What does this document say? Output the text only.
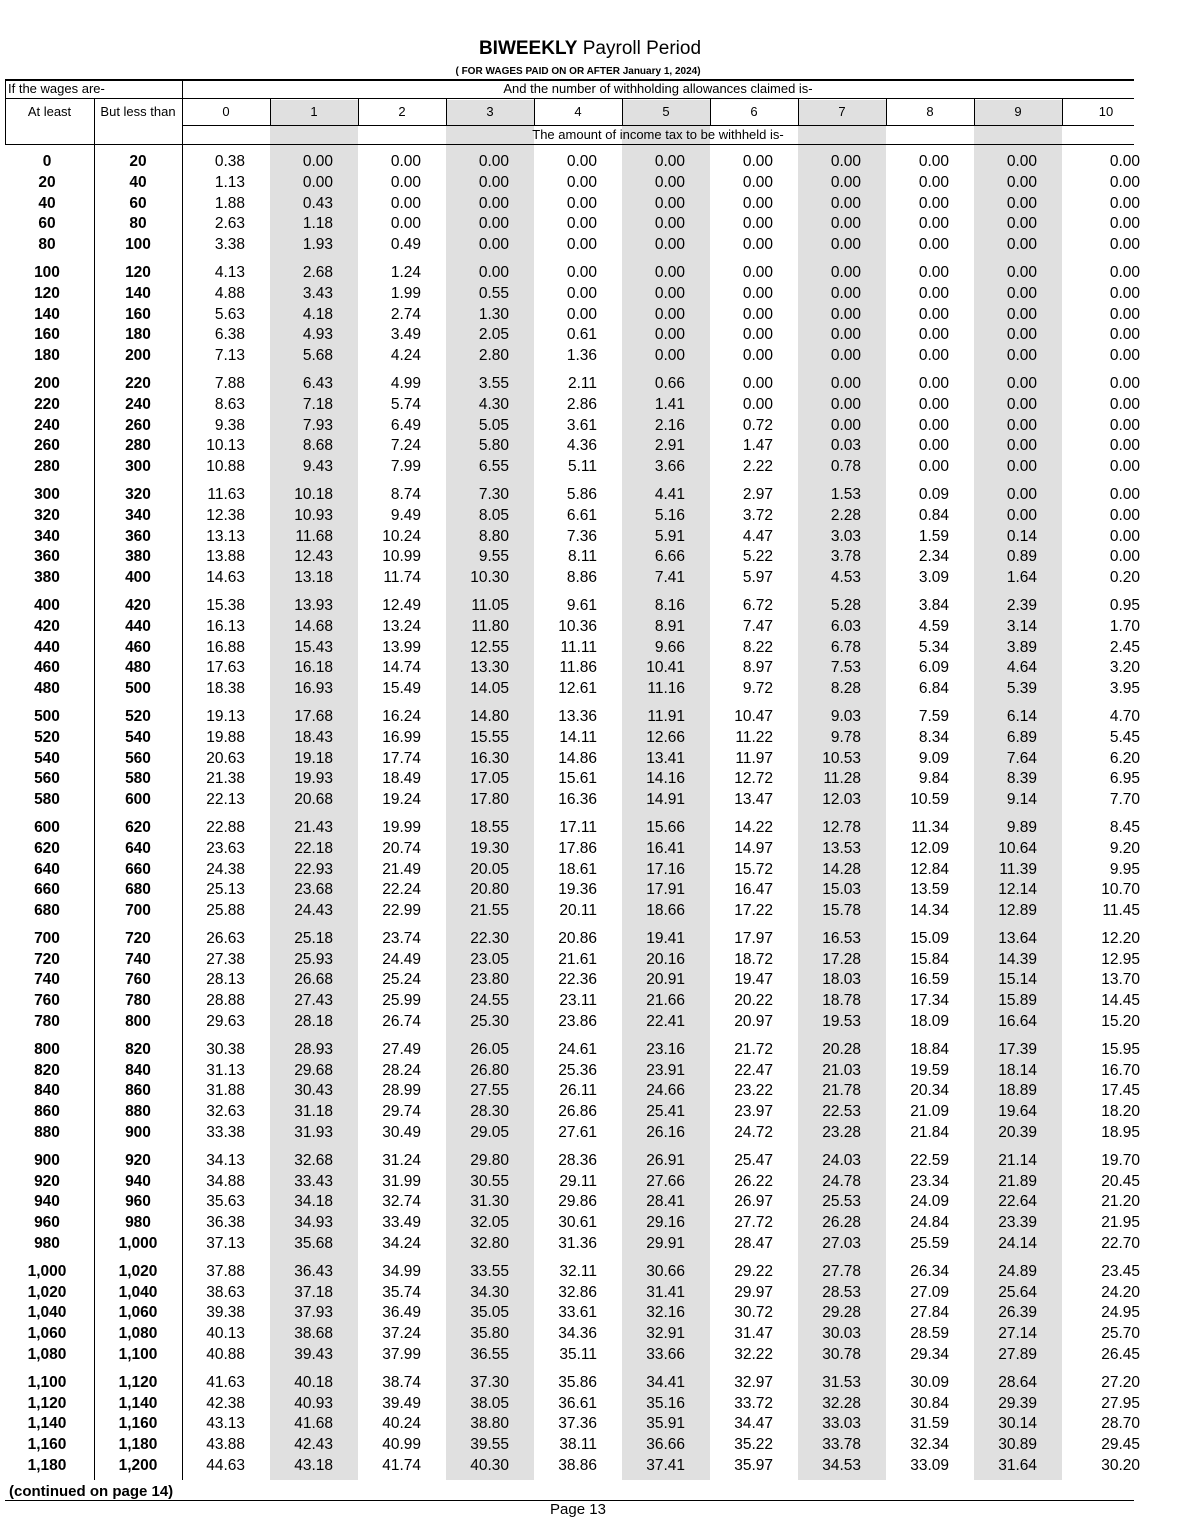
BIWEEKLY Payroll Period
( FOR WAGES PAID ON OR AFTER January 1, 2024)
If the wages are-	And the number of withholding allowances claimed is-
At least	But less than
The amount of income tax to be withheld is-
0	1	2	3	4	5	6	7	8	9	10
0	20	0.38	0.00	0.00	0.00	0.00	0.00	0.00	0.00	0.00	0.00	0.00
20	40	1.13	0.00	0.00	0.00	0.00	0.00	0.00	0.00	0.00	0.00	0.00
40	60	1.88	0.43	0.00	0.00	0.00	0.00	0.00	0.00	0.00	0.00	0.00
60	80	2.63	1.18	0.00	0.00	0.00	0.00	0.00	0.00	0.00	0.00	0.00
80	100	3.38	1.93	0.49	0.00	0.00	0.00	0.00	0.00	0.00	0.00	0.00
100	120	4.13	2.68	1.24	0.00	0.00	0.00	0.00	0.00	0.00	0.00	0.00
120	140	4.88	3.43	1.99	0.55	0.00	0.00	0.00	0.00	0.00	0.00	0.00
140	160	5.63	4.18	2.74	1.30	0.00	0.00	0.00	0.00	0.00	0.00	0.00
160	180	6.38	4.93	3.49	2.05	0.61	0.00	0.00	0.00	0.00	0.00	0.00
180	200	7.13	5.68	4.24	2.80	1.36	0.00	0.00	0.00	0.00	0.00	0.00
200	220	7.88	6.43	4.99	3.55	2.11	0.66	0.00	0.00	0.00	0.00	0.00
220	240	8.63	7.18	5.74	4.30	2.86	1.41	0.00	0.00	0.00	0.00	0.00
240	260	9.38	7.93	6.49	5.05	3.61	2.16	0.72	0.00	0.00	0.00	0.00
260	280	10.13	8.68	7.24	5.80	4.36	2.91	1.47	0.03	0.00	0.00	0.00
280	300	10.88	9.43	7.99	6.55	5.11	3.66	2.22	0.78	0.00	0.00	0.00
300	320	11.63	10.18	8.74	7.30	5.86	4.41	2.97	1.53	0.09	0.00	0.00
320	340	12.38	10.93	9.49	8.05	6.61	5.16	3.72	2.28	0.84	0.00	0.00
340	360	13.13	11.68	10.24	8.80	7.36	5.91	4.47	3.03	1.59	0.14	0.00
360	380	13.88	12.43	10.99	9.55	8.11	6.66	5.22	3.78	2.34	0.89	0.00
380	400	14.63	13.18	11.74	10.30	8.86	7.41	5.97	4.53	3.09	1.64	0.20
400	420	15.38	13.93	12.49	11.05	9.61	8.16	6.72	5.28	3.84	2.39	0.95
420	440	16.13	14.68	13.24	11.80	10.36	8.91	7.47	6.03	4.59	3.14	1.70
440	460	16.88	15.43	13.99	12.55	11.11	9.66	8.22	6.78	5.34	3.89	2.45
460	480	17.63	16.18	14.74	13.30	11.86	10.41	8.97	7.53	6.09	4.64	3.20
480	500	18.38	16.93	15.49	14.05	12.61	11.16	9.72	8.28	6.84	5.39	3.95
500	520	19.13	17.68	16.24	14.80	13.36	11.91	10.47	9.03	7.59	6.14	4.70
520	540	19.88	18.43	16.99	15.55	14.11	12.66	11.22	9.78	8.34	6.89	5.45
540	560	20.63	19.18	17.74	16.30	14.86	13.41	11.97	10.53	9.09	7.64	6.20
560	580	21.38	19.93	18.49	17.05	15.61	14.16	12.72	11.28	9.84	8.39	6.95
580	600	22.13	20.68	19.24	17.80	16.36	14.91	13.47	12.03	10.59	9.14	7.70
600	620	22.88	21.43	19.99	18.55	17.11	15.66	14.22	12.78	11.34	9.89	8.45
620	640	23.63	22.18	20.74	19.30	17.86	16.41	14.97	13.53	12.09	10.64	9.20
640	660	24.38	22.93	21.49	20.05	18.61	17.16	15.72	14.28	12.84	11.39	9.95
660	680	25.13	23.68	22.24	20.80	19.36	17.91	16.47	15.03	13.59	12.14	10.70
680	700	25.88	24.43	22.99	21.55	20.11	18.66	17.22	15.78	14.34	12.89	11.45
700	720	26.63	25.18	23.74	22.30	20.86	19.41	17.97	16.53	15.09	13.64	12.20
720	740	27.38	25.93	24.49	23.05	21.61	20.16	18.72	17.28	15.84	14.39	12.95
740	760	28.13	26.68	25.24	23.80	22.36	20.91	19.47	18.03	16.59	15.14	13.70
760	780	28.88	27.43	25.99	24.55	23.11	21.66	20.22	18.78	17.34	15.89	14.45
780	800	29.63	28.18	26.74	25.30	23.86	22.41	20.97	19.53	18.09	16.64	15.20
800	820	30.38	28.93	27.49	26.05	24.61	23.16	21.72	20.28	18.84	17.39	15.95
820	840	31.13	29.68	28.24	26.80	25.36	23.91	22.47	21.03	19.59	18.14	16.70
840	860	31.88	30.43	28.99	27.55	26.11	24.66	23.22	21.78	20.34	18.89	17.45
860	880	32.63	31.18	29.74	28.30	26.86	25.41	23.97	22.53	21.09	19.64	18.20
880	900	33.38	31.93	30.49	29.05	27.61	26.16	24.72	23.28	21.84	20.39	18.95
900	920	34.13	32.68	31.24	29.80	28.36	26.91	25.47	24.03	22.59	21.14	19.70
920	940	34.88	33.43	31.99	30.55	29.11	27.66	26.22	24.78	23.34	21.89	20.45
940	960	35.63	34.18	32.74	31.30	29.86	28.41	26.97	25.53	24.09	22.64	21.20
960	980	36.38	34.93	33.49	32.05	30.61	29.16	27.72	26.28	24.84	23.39	21.95
980	1,000	37.13	35.68	34.24	32.80	31.36	29.91	28.47	27.03	25.59	24.14	22.70
1,000	1,020	37.88	36.43	34.99	33.55	32.11	30.66	29.22	27.78	26.34	24.89	23.45
1,020	1,040	38.63	37.18	35.74	34.30	32.86	31.41	29.97	28.53	27.09	25.64	24.20
1,040	1,060	39.38	37.93	36.49	35.05	33.61	32.16	30.72	29.28	27.84	26.39	24.95
1,060	1,080	40.13	38.68	37.24	35.80	34.36	32.91	31.47	30.03	28.59	27.14	25.70
1,080	1,100	40.88	39.43	37.99	36.55	35.11	33.66	32.22	30.78	29.34	27.89	26.45
1,100	1,120	41.63	40.18	38.74	37.30	35.86	34.41	32.97	31.53	30.09	28.64	27.20
1,120	1,140	42.38	40.93	39.49	38.05	36.61	35.16	33.72	32.28	30.84	29.39	27.95
1,140	1,160	43.13	41.68	40.24	38.80	37.36	35.91	34.47	33.03	31.59	30.14	28.70
1,160	1,180	43.88	42.43	40.99	39.55	38.11	36.66	35.22	33.78	32.34	30.89	29.45
1,180	1,200	44.63	43.18	41.74	40.30	38.86	37.41	35.97	34.53	33.09	31.64	30.20
(continued on page 14)
Page 13
